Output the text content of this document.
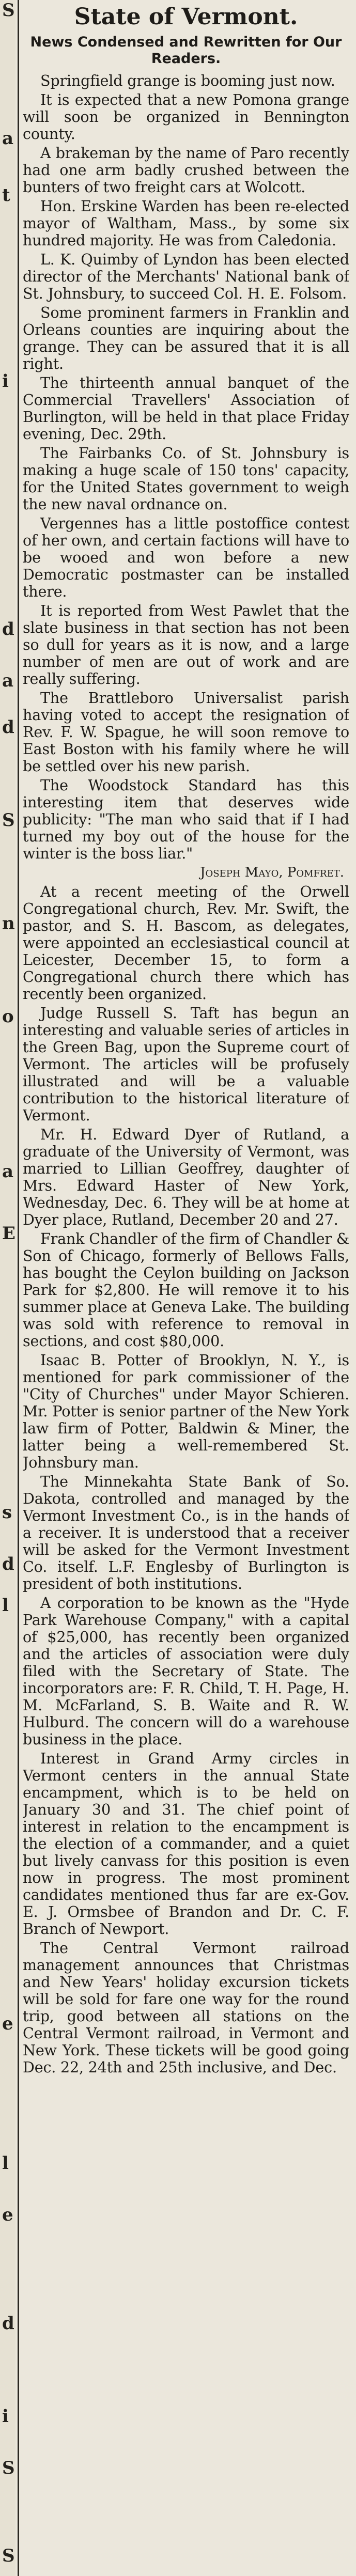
S
a
t
i
d
a
d
S
n
o
a
E
s
d
l
e
l
e
d
i
S
S
State of Vermont.
News Condensed and Rewritten for Our Readers.

Springfield grange is booming just now.

It is expected that a new Pomona grange will soon be organized in Bennington county.

A brakeman by the name of Paro recently had one arm badly crushed between the bunters of two freight cars at Wolcott.

Hon. Erskine Warden has been re-elected mayor of Waltham, Mass., by some six hundred majority. He was from Caledonia.

L. K. Quimby of Lyndon has been elected director of the Merchants' National bank of St. Johnsbury, to succeed Col. H. E. Folsom.

Some prominent farmers in Franklin and Orleans counties are inquiring about the grange. They can be assured that it is all right.

The thirteenth annual banquet of the Commercial Travellers' Association of Burlington, will be held in that place Friday evening, Dec. 29th.

The Fairbanks Co. of St. Johnsbury is making a huge scale of 150 tons' capacity, for the United States government to weigh the new naval ordnance on.

Vergennes has a little postoffice contest of her own, and certain factions will have to be wooed and won before a new Democratic postmaster can be installed there.

It is reported from West Pawlet that the slate business in that section has not been so dull for years as it is now, and a large number of men are out of work and are really suffering.

The Brattleboro Universalist parish having voted to accept the resignation of Rev. F. W. Spague, he will soon remove to East Boston with his family where he will be settled over his new parish.

The Woodstock Standard has this interesting item that deserves wide publicity: "The man who said that if I had turned my boy out of the house for the winter is the boss liar."

Joseph Mayo, Pomfret.

At a recent meeting of the Orwell Congregational church, Rev. Mr. Swift, the pastor, and S. H. Bascom, as delegates, were appointed an ecclesiastical council at Leicester, December 15, to form a Congregational church there which has recently been organized.

Judge Russell S. Taft has begun an interesting and valuable series of articles in the Green Bag, upon the Supreme court of Vermont. The articles will be profusely illustrated and will be a valuable contribution to the historical literature of Vermont.

Mr. H. Edward Dyer of Rutland, a graduate of the University of Vermont, was married to Lillian Geoffrey, daughter of Mrs. Edward Haster of New York, Wednesday, Dec. 6. They will be at home at Dyer place, Rutland, December 20 and 27.

Frank Chandler of the firm of Chandler & Son of Chicago, formerly of Bellows Falls, has bought the Ceylon building on Jackson Park for $2,800. He will remove it to his summer place at Geneva Lake. The building was sold with reference to removal in sections, and cost $80,000.

Isaac B. Potter of Brooklyn, N. Y., is mentioned for park commissioner of the "City of Churches" under Mayor Schieren. Mr. Potter is senior partner of the New York law firm of Potter, Baldwin & Miner, the latter being a well-remembered St. Johnsbury man.

The Minnekahta State Bank of So. Dakota, controlled and managed by the Vermont Investment Co., is in the hands of a receiver. It is understood that a receiver will be asked for the Vermont Investment Co. itself. L.F. Englesby of Burlington is president of both institutions.

A corporation to be known as the "Hyde Park Warehouse Company," with a capital of $25,000, has recently been organized and the articles of association were duly filed with the Secretary of State. The incorporators are: F. R. Child, T. H. Page, H. M. McFarland, S. B. Waite and R. W. Hulburd. The concern will do a warehouse business in the place.

Interest in Grand Army circles in Vermont centers in the annual State encampment, which is to be held on January 30 and 31. The chief point of interest in relation to the encampment is the election of a commander, and a quiet but lively canvass for this position is even now in progress. The most prominent candidates mentioned thus far are ex-Gov. E. J. Ormsbee of Brandon and Dr. C. F. Branch of Newport.

The Central Vermont railroad management announces that Christmas and New Years' holiday excursion tickets will be sold for fare one way for the round trip, good between all stations on the Central Vermont railroad, in Vermont and New York. These tickets will be good going Dec. 22, 24th and 25th inclusive, and Dec.
